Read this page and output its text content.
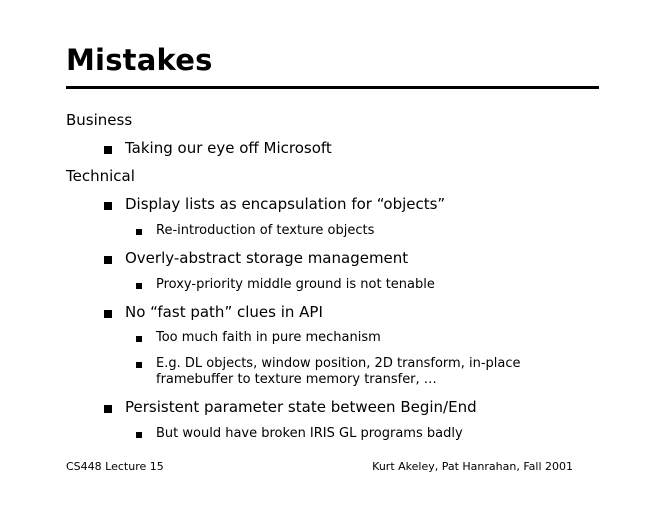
Mistakes
Business
Taking our eye off Microsoft
Technical
Display lists as encapsulation for “objects”
Re-introduction of texture objects
Overly-abstract storage management
Proxy-priority middle ground is not tenable
No “fast path” clues in API
Too much faith in pure mechanism
E.g. DL objects, window position, 2D transform, in-place framebuffer to texture memory transfer, …
Persistent parameter state between Begin/End
But would have broken IRIS GL programs badly
CS448 Lecture 15	Kurt Akeley, Pat Hanrahan, Fall 2001
